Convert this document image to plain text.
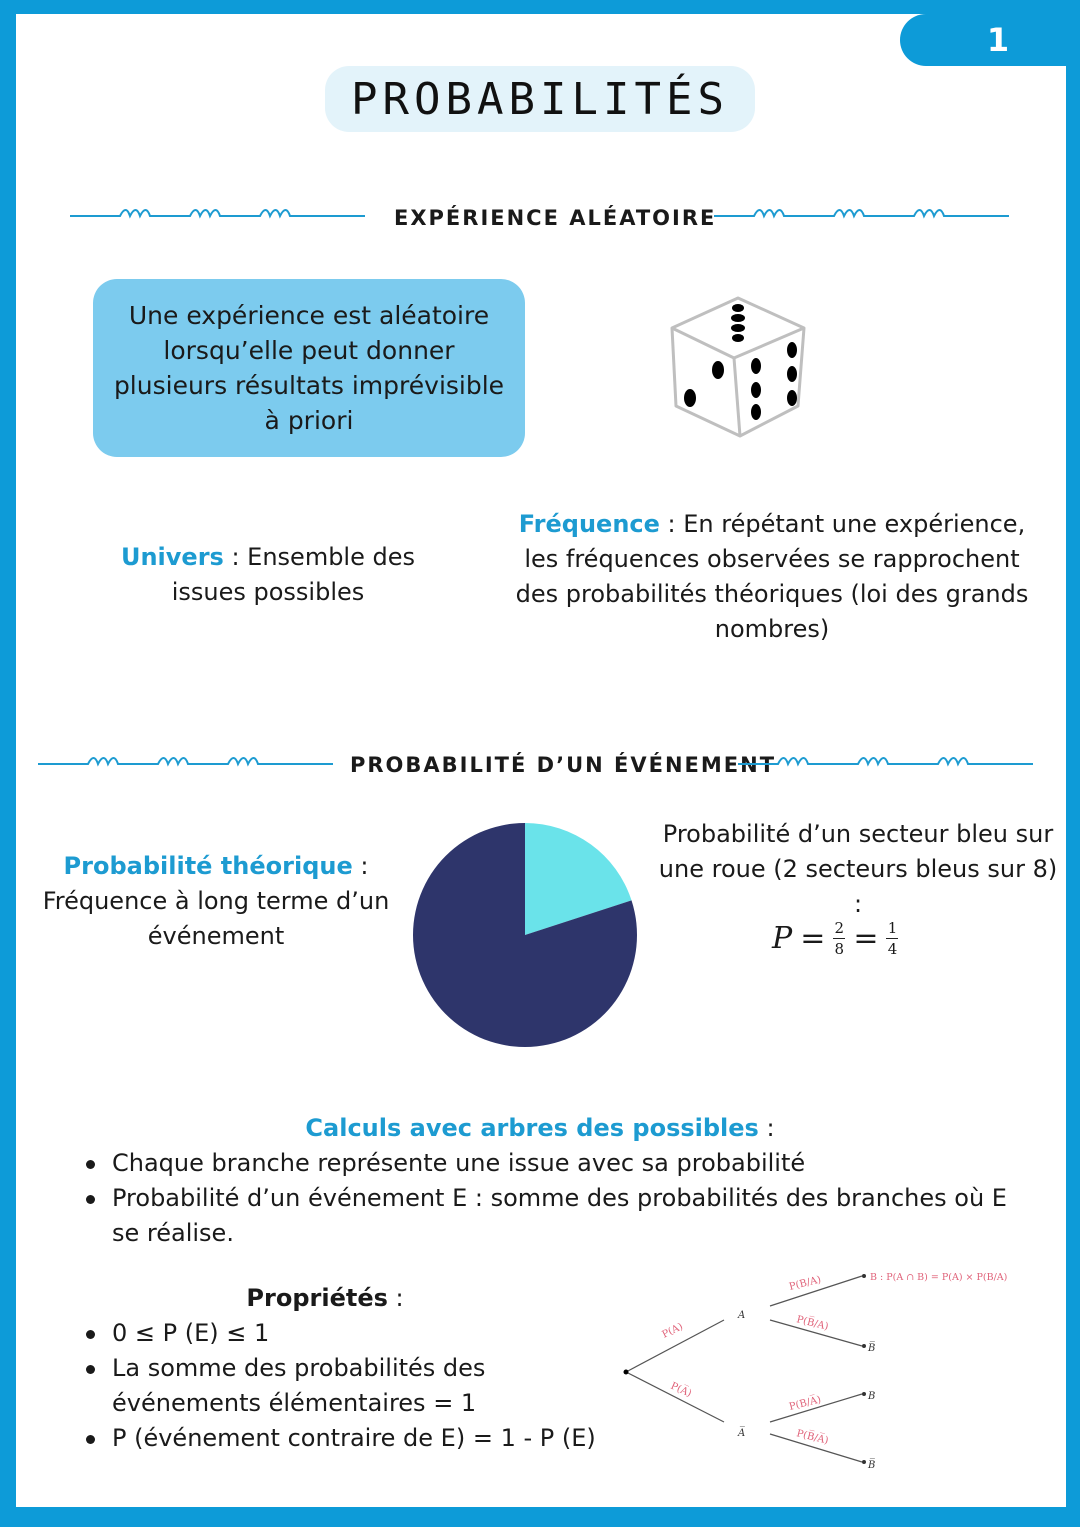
1
PROBABILITÉS
EXPÉRIENCE ALÉATOIRE
Une expérience est aléatoire lorsqu’elle peut donner plusieurs résultats imprévisible à priori
Univers : Ensemble des issues possibles
Fréquence : En répétant une expérience, les fréquences observées se rapprochent des probabilités théoriques (loi des grands nombres)
PROBABILITÉ D’UN ÉVÉNEMENT
Probabilité théorique :
Fréquence à long terme d’un événement
Probabilité d’un secteur bleu sur une roue (2 secteurs bleus sur 8) :
$P = \frac{2}{8} = \frac{1}{4}$
Calculs avec arbres des possibles :
Chaque branche représente une issue avec sa probabilité
Probabilité d’un événement E : somme des probabilités des branches où E se réalise.
Propriétés :
0 ≤ P (E) ≤ 1
La somme des probabilités des événements élémentaires = 1
P (événement contraire de E) = 1 - P (E)
P(A)
P(A̅)
P(B/A)
P(B̅/A)
P(B/A̅)
P(B̅/A̅)
B : P(A ∩ B) = P(A) × P(B/A)
A
A̅
B̅
B
B̅
